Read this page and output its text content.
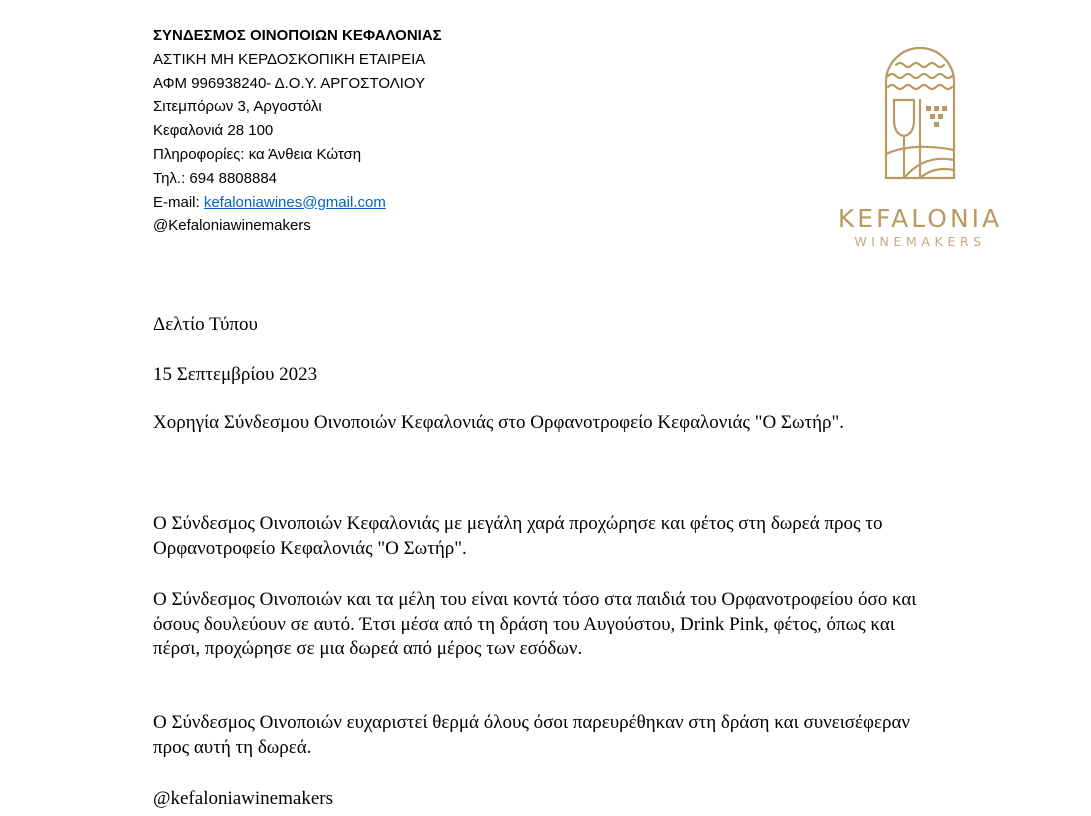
ΣΥΝΔΕΣΜΟΣ ΟΙΝΟΠΟΙΩΝ ΚΕΦΑΛΟΝΙΑΣ
ΑΣΤΙΚΗ ΜΗ ΚΕΡΔΟΣΚΟΠΙΚΗ ΕΤΑΙΡΕΙΑ
ΑΦΜ 996938240- Δ.Ο.Υ. ΑΡΓΟΣΤΟΛΙΟΥ
Σιτεμπόρων 3, Αργοστόλι
Κεφαλονιά 28 100
Πληροφορίες: κα Άνθεια Κώτση
Τηλ.: 694 8808884
E-mail: kefaloniawines@gmail.com
@Kefaloniawinemakers	KEFALONIA
WINEMAKERS

Δελτίο Τύπου

15 Σεπτεμβρίου 2023

Χορηγία Σύνδεσμου Οινοποιών Κεφαλονιάς στο Ορφανοτροφείο Κεφαλονιάς "Ο Σωτήρ".

Ο Σύνδεσμος Οινοποιών Κεφαλονιάς με μεγάλη χαρά προχώρησε και φέτος στη δωρεά προς το Ορφανοτροφείο Κεφαλονιάς "Ο Σωτήρ".

Ο Σύνδεσμος Οινοποιών και τα μέλη του είναι κοντά τόσο στα παιδιά του Ορφανοτροφείου όσο και όσους δουλεύουν σε αυτό. Έτσι μέσα από τη δράση του Αυγούστου, Drink Pink, φέτος, όπως και πέρσι, προχώρησε σε μια δωρεά από μέρος των εσόδων.

Ο Σύνδεσμος Οινοποιών ευχαριστεί θερμά όλους όσοι παρευρέθηκαν στη δράση και συνεισέφεραν προς αυτή τη δωρεά.

@kefaloniawinemakers
